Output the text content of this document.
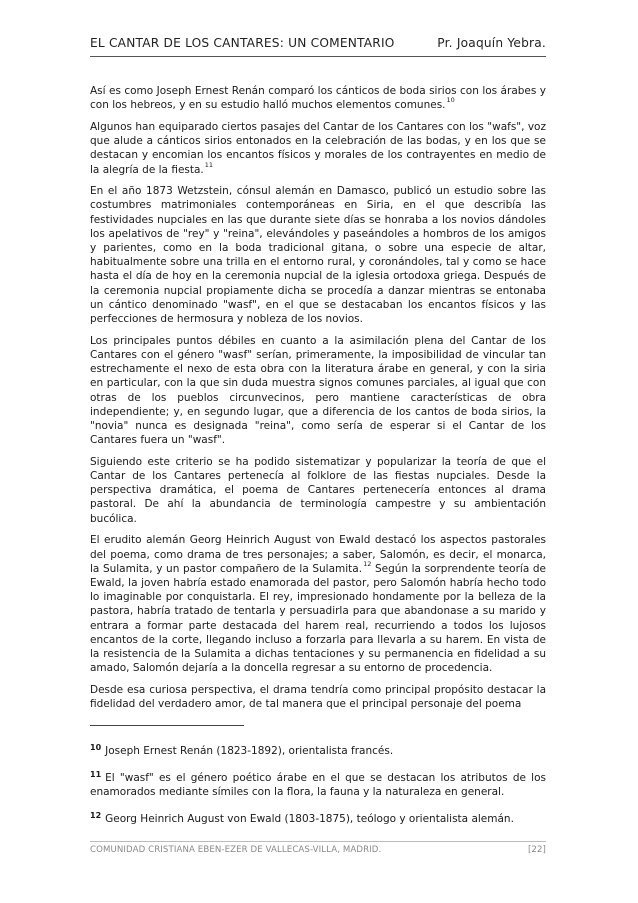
EL CANTAR DE LOS CANTARES: UN COMENTARIO	Pr. Joaquín Yebra.

Así es como Joseph Ernest Renán comparó los cánticos de boda sirios con los árabes y con los hebreos, y en su estudio halló muchos elementos comunes.$^{10}$

Algunos han equiparado ciertos pasajes del Cantar de los Cantares con los "wafs", voz que alude a cánticos sirios entonados en la celebración de las bodas, y en los que se destacan y encomian los encantos físicos y morales de los contrayentes en medio de la alegría de la fiesta.$^{11}$

En el año 1873 Wetzstein, cónsul alemán en Damasco, publicó un estudio sobre las costumbres matrimoniales contemporáneas en Siria, en el que describía las festividades nupciales en las que durante siete días se honraba a los novios dándoles los apelativos de "rey" y "reina", elevándoles y paseándoles a hombros de los amigos y parientes, como en la boda tradicional gitana, o sobre una especie de altar, habitualmente sobre una trilla en el entorno rural, y coronándoles, tal y como se hace hasta el día de hoy en la ceremonia nupcial de la iglesia ortodoxa griega. Después de la ceremonia nupcial propiamente dicha se procedía a danzar mientras se entonaba un cántico denominado "wasf", en el que se destacaban los encantos físicos y las perfecciones de hermosura y nobleza de los novios.

Los principales puntos débiles en cuanto a la asimilación plena del Cantar de los Cantares con el género "wasf" serían, primeramente, la imposibilidad de vincular tan estrechamente el nexo de esta obra con la literatura árabe en general, y con la siria en particular, con la que sin duda muestra signos comunes parciales, al igual que con otras de los pueblos circunvecinos, pero mantiene características de obra independiente; y, en segundo lugar, que a diferencia de los cantos de boda sirios, la "novia" nunca es designada "reina", como sería de esperar si el Cantar de los Cantares fuera un "wasf".

Siguiendo este criterio se ha podido sistematizar y popularizar la teoría de que el Cantar de los Cantares pertenecía al folklore de las fiestas nupciales. Desde la perspectiva dramática, el poema de Cantares pertenecería entonces al drama pastoral. De ahí la abundancia de terminología campestre y su ambientación bucólica.

El erudito alemán Georg Heinrich August von Ewald destacó los aspectos pastorales del poema, como drama de tres personajes; a saber, Salomón, es decir, el monarca, la Sulamita, y un pastor compañero de la Sulamita.$^{12}$ Según la sorprendente teoría de Ewald, la joven habría estado enamorada del pastor, pero Salomón habría hecho todo lo imaginable por conquistarla. El rey, impresionado hondamente por la belleza de la pastora, habría tratado de tentarla y persuadirla para que abandonase a su marido y entrara a formar parte destacada del harem real, recurriendo a todos los lujosos encantos de la corte, llegando incluso a forzarla para llevarla a su harem. En vista de la resistencia de la Sulamita a dichas tentaciones y su permanencia en fidelidad a su amado, Salomón dejaría a la doncella regresar a su entorno de procedencia.

Desde esa curiosa perspectiva, el drama tendría como principal propósito destacar la fidelidad del verdadero amor, de tal manera que el principal personaje del poema

$^{10}$ Joseph Ernest Renán (1823-1892), orientalista francés.

$^{11}$ El "wasf" es el género poético árabe en el que se destacan los atributos de los enamorados mediante símiles con la flora, la fauna y la naturaleza en general.

$^{12}$ Georg Heinrich August von Ewald (1803-1875), teólogo y orientalista alemán.

COMUNIDAD CRISTIANA EBEN-EZER DE VALLECAS-VILLA, MADRID.	[22]
